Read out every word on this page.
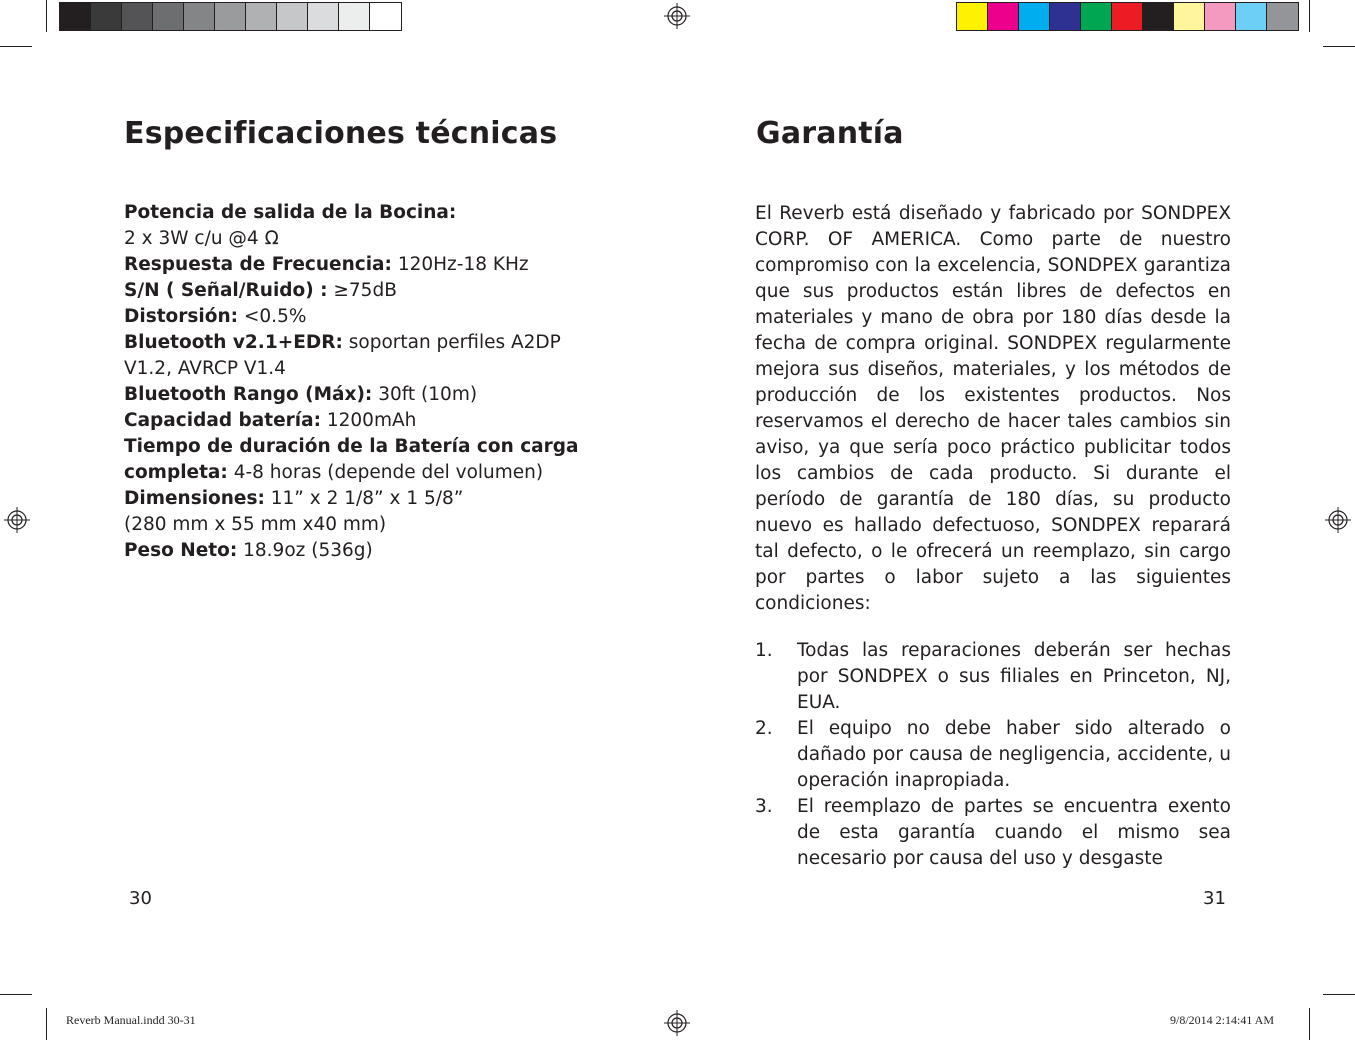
Especificaciones técnicas
Potencia de salida de la Bocina:
2 x 3W c/u @4 Ω
Respuesta de Frecuencia: 120Hz-18 KHz
S/N ( Señal/Ruido) : ≥75dB
Distorsión: <0.5%
Bluetooth v2.1+EDR: soportan perfiles A2DP
V1.2, AVRCP V1.4
Bluetooth Rango (Máx): 30ft (10m)
Capacidad batería: 1200mAh
Tiempo de duración de la Batería con carga
completa: 4-8 horas (depende del volumen)
Dimensiones: 11” x 2 1/8” x 1 5/8”
(280 mm x 55 mm x40 mm)
Peso Neto: 18.9oz (536g)
30
Garantía

El Reverb está diseñado y fabricado por SONDPEX CORP. OF AMERICA. Como parte de nuestro compromiso con la excelencia, SONDPEX garantiza que sus productos están libres de defectos en materiales y mano de obra por 180 días desde la fecha de compra original. SONDPEX regularmente mejora sus diseños, materiales, y los métodos de producción de los existentes productos. Nos reservamos el derecho de hacer tales cambios sin aviso, ya que sería poco práctico publicitar todos los cambios de cada producto. Si durante el período de garantía de 180 días, su producto nuevo es hallado defectuoso, SONDPEX reparará tal defecto, o le ofrecerá un reemplazo, sin cargo por partes o labor sujeto a las siguientes condiciones:

1. Todas las reparaciones deberán ser hechas por SONDPEX o sus filiales en Princeton, NJ, EUA.
2. El equipo no debe haber sido alterado o dañado por causa de negligencia, accidente, u operación inapropiada.
3. El reemplazo de partes se encuentra exento de esta garantía cuando el mismo sea necesario por causa del uso y desgaste
31
Reverb Manual.indd 30-31	9/8/2014 2:14:41 AM
